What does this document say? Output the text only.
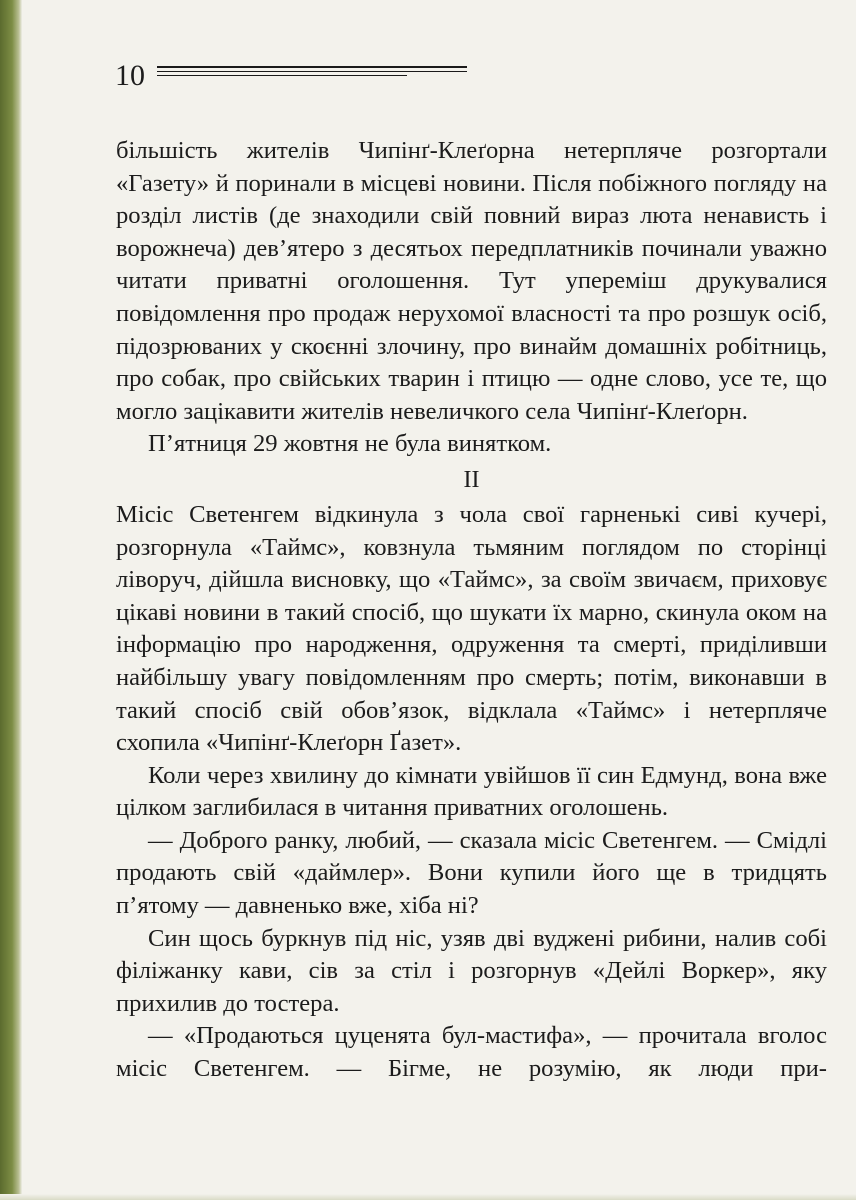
10

більшість жителів Чипінґ-Клеґорна нетерпляче розгортали «Газету» й поринали в місцеві новини. Після побіжного погляду на розділ листів (де знаходили свій повний вираз люта ненависть і ворожнеча) дев’ятеро з десятьох передплатників починали уважно читати приватні оголошення. Тут упереміш друкувалися повідомлення про продаж нерухомої власності та про розшук осіб, підозрюваних у скоєнні злочину, про винайм домашніх робітниць, про собак, про свійських тварин і птицю — одне слово, усе те, що могло зацікавити жителів невеличкого села Чипінґ-Клеґорн.

П’ятниця 29 жовтня не була винятком.

ІІ

Місіс Светенгем відкинула з чола свої гарненькі сиві кучері, розгорнула «Таймс», ковзнула тьмяним поглядом по сторінці ліворуч, дійшла висновку, що «Таймс», за своїм звичаєм, приховує цікаві новини в такий спосіб, що шукати їх марно, скинула оком на інформацію про народження, одруження та смерті, приділивши найбільшу увагу повідомленням про смерть; потім, виконавши в такий спосіб свій обов’язок, відклала «Таймс» і нетерпляче схопила «Чипінґ-Клеґорн Ґазет».

Коли через хвилину до кімнати увійшов її син Едмунд, вона вже цілком заглибилася в читання приватних оголошень.

— Доброго ранку, любий, — сказала місіс Светенгем. — Смідлі продають свій «даймлер». Вони купили його ще в тридцять п’ятому — давненько вже, хіба ні?

Син щось буркнув під ніс, узяв дві вуджені рибини, налив собі філіжанку кави, сів за стіл і розгорнув «Дейлі Воркер», яку прихилив до тостера.

— «Продаються цуценята бул-мастифа», — прочитала вголос місіс Светенгем. — Бігме, не розумію, як люди при-
